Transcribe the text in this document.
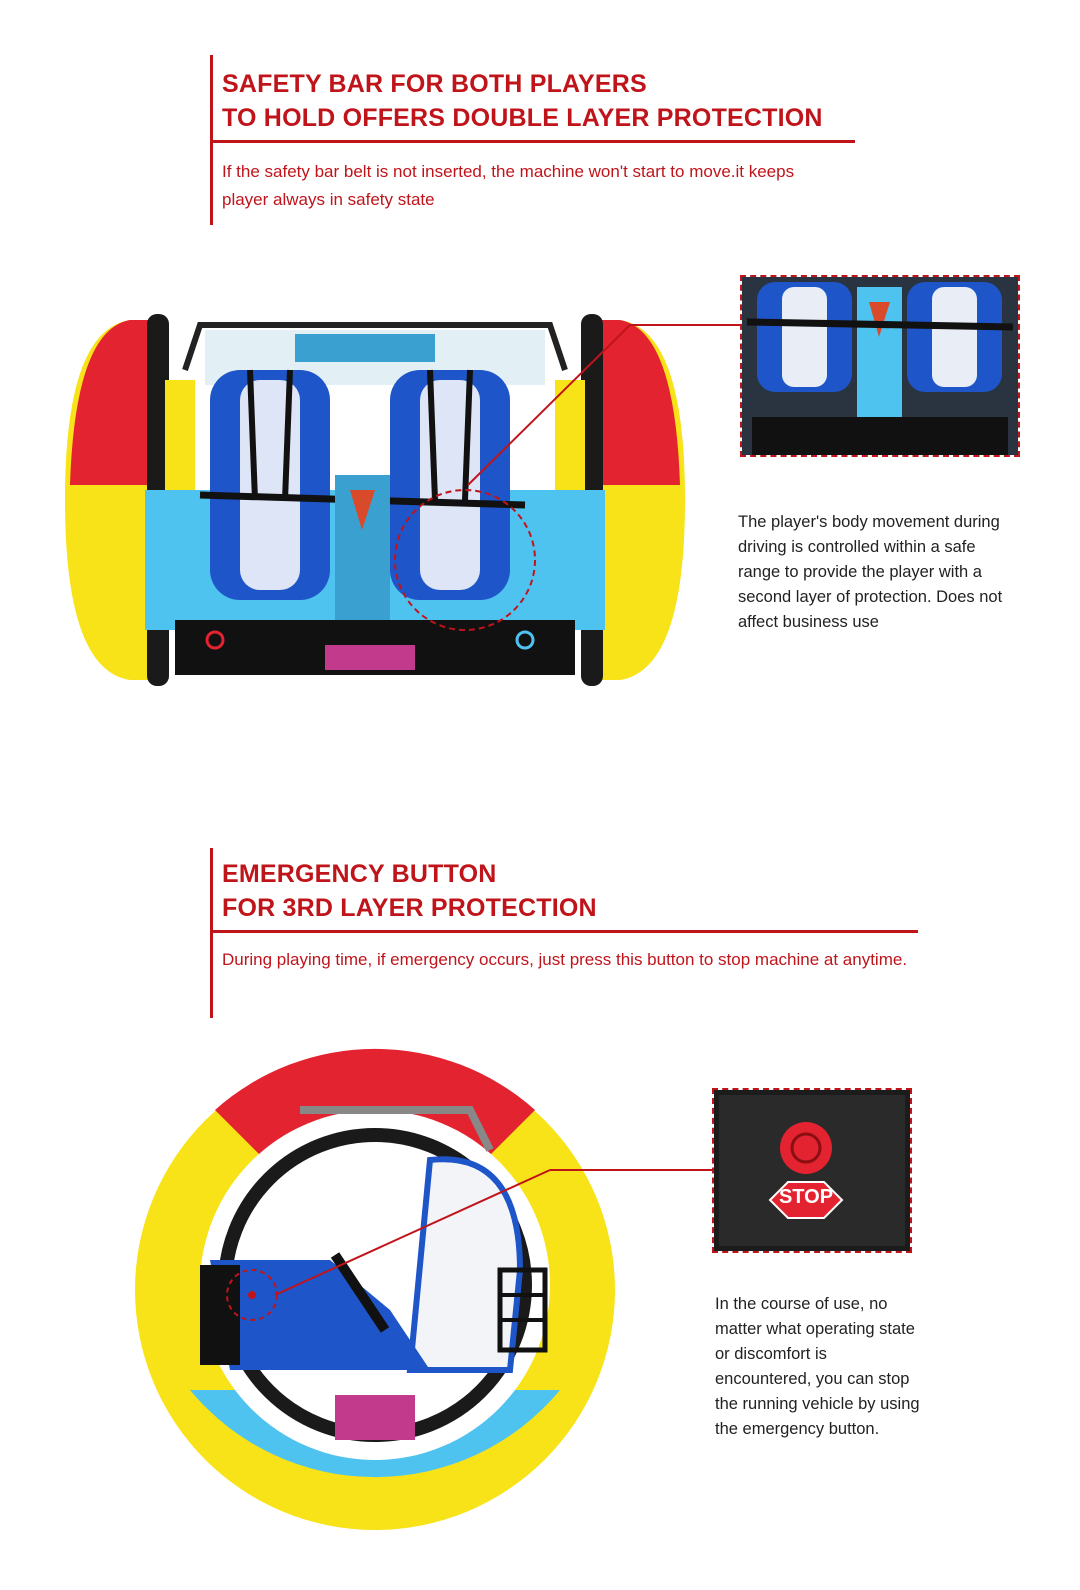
SAFETY BAR FOR BOTH PLAYERS
TO HOLD OFFERS DOUBLE LAYER PROTECTION
If the safety bar belt is not inserted, the machine won't start to move.it keeps
player always in safety state
The player's body movement during
driving is controlled within a safe
range to provide the player with a
second layer of protection. Does not
affect business use
EMERGENCY BUTTON
FOR 3RD LAYER PROTECTION
During playing time, if emergency occurs, just press this button to stop machine at anytime.
STOP
In the course of use, no
matter what operating state
or discomfort is
encountered, you can stop
the running vehicle by using
the emergency button.
